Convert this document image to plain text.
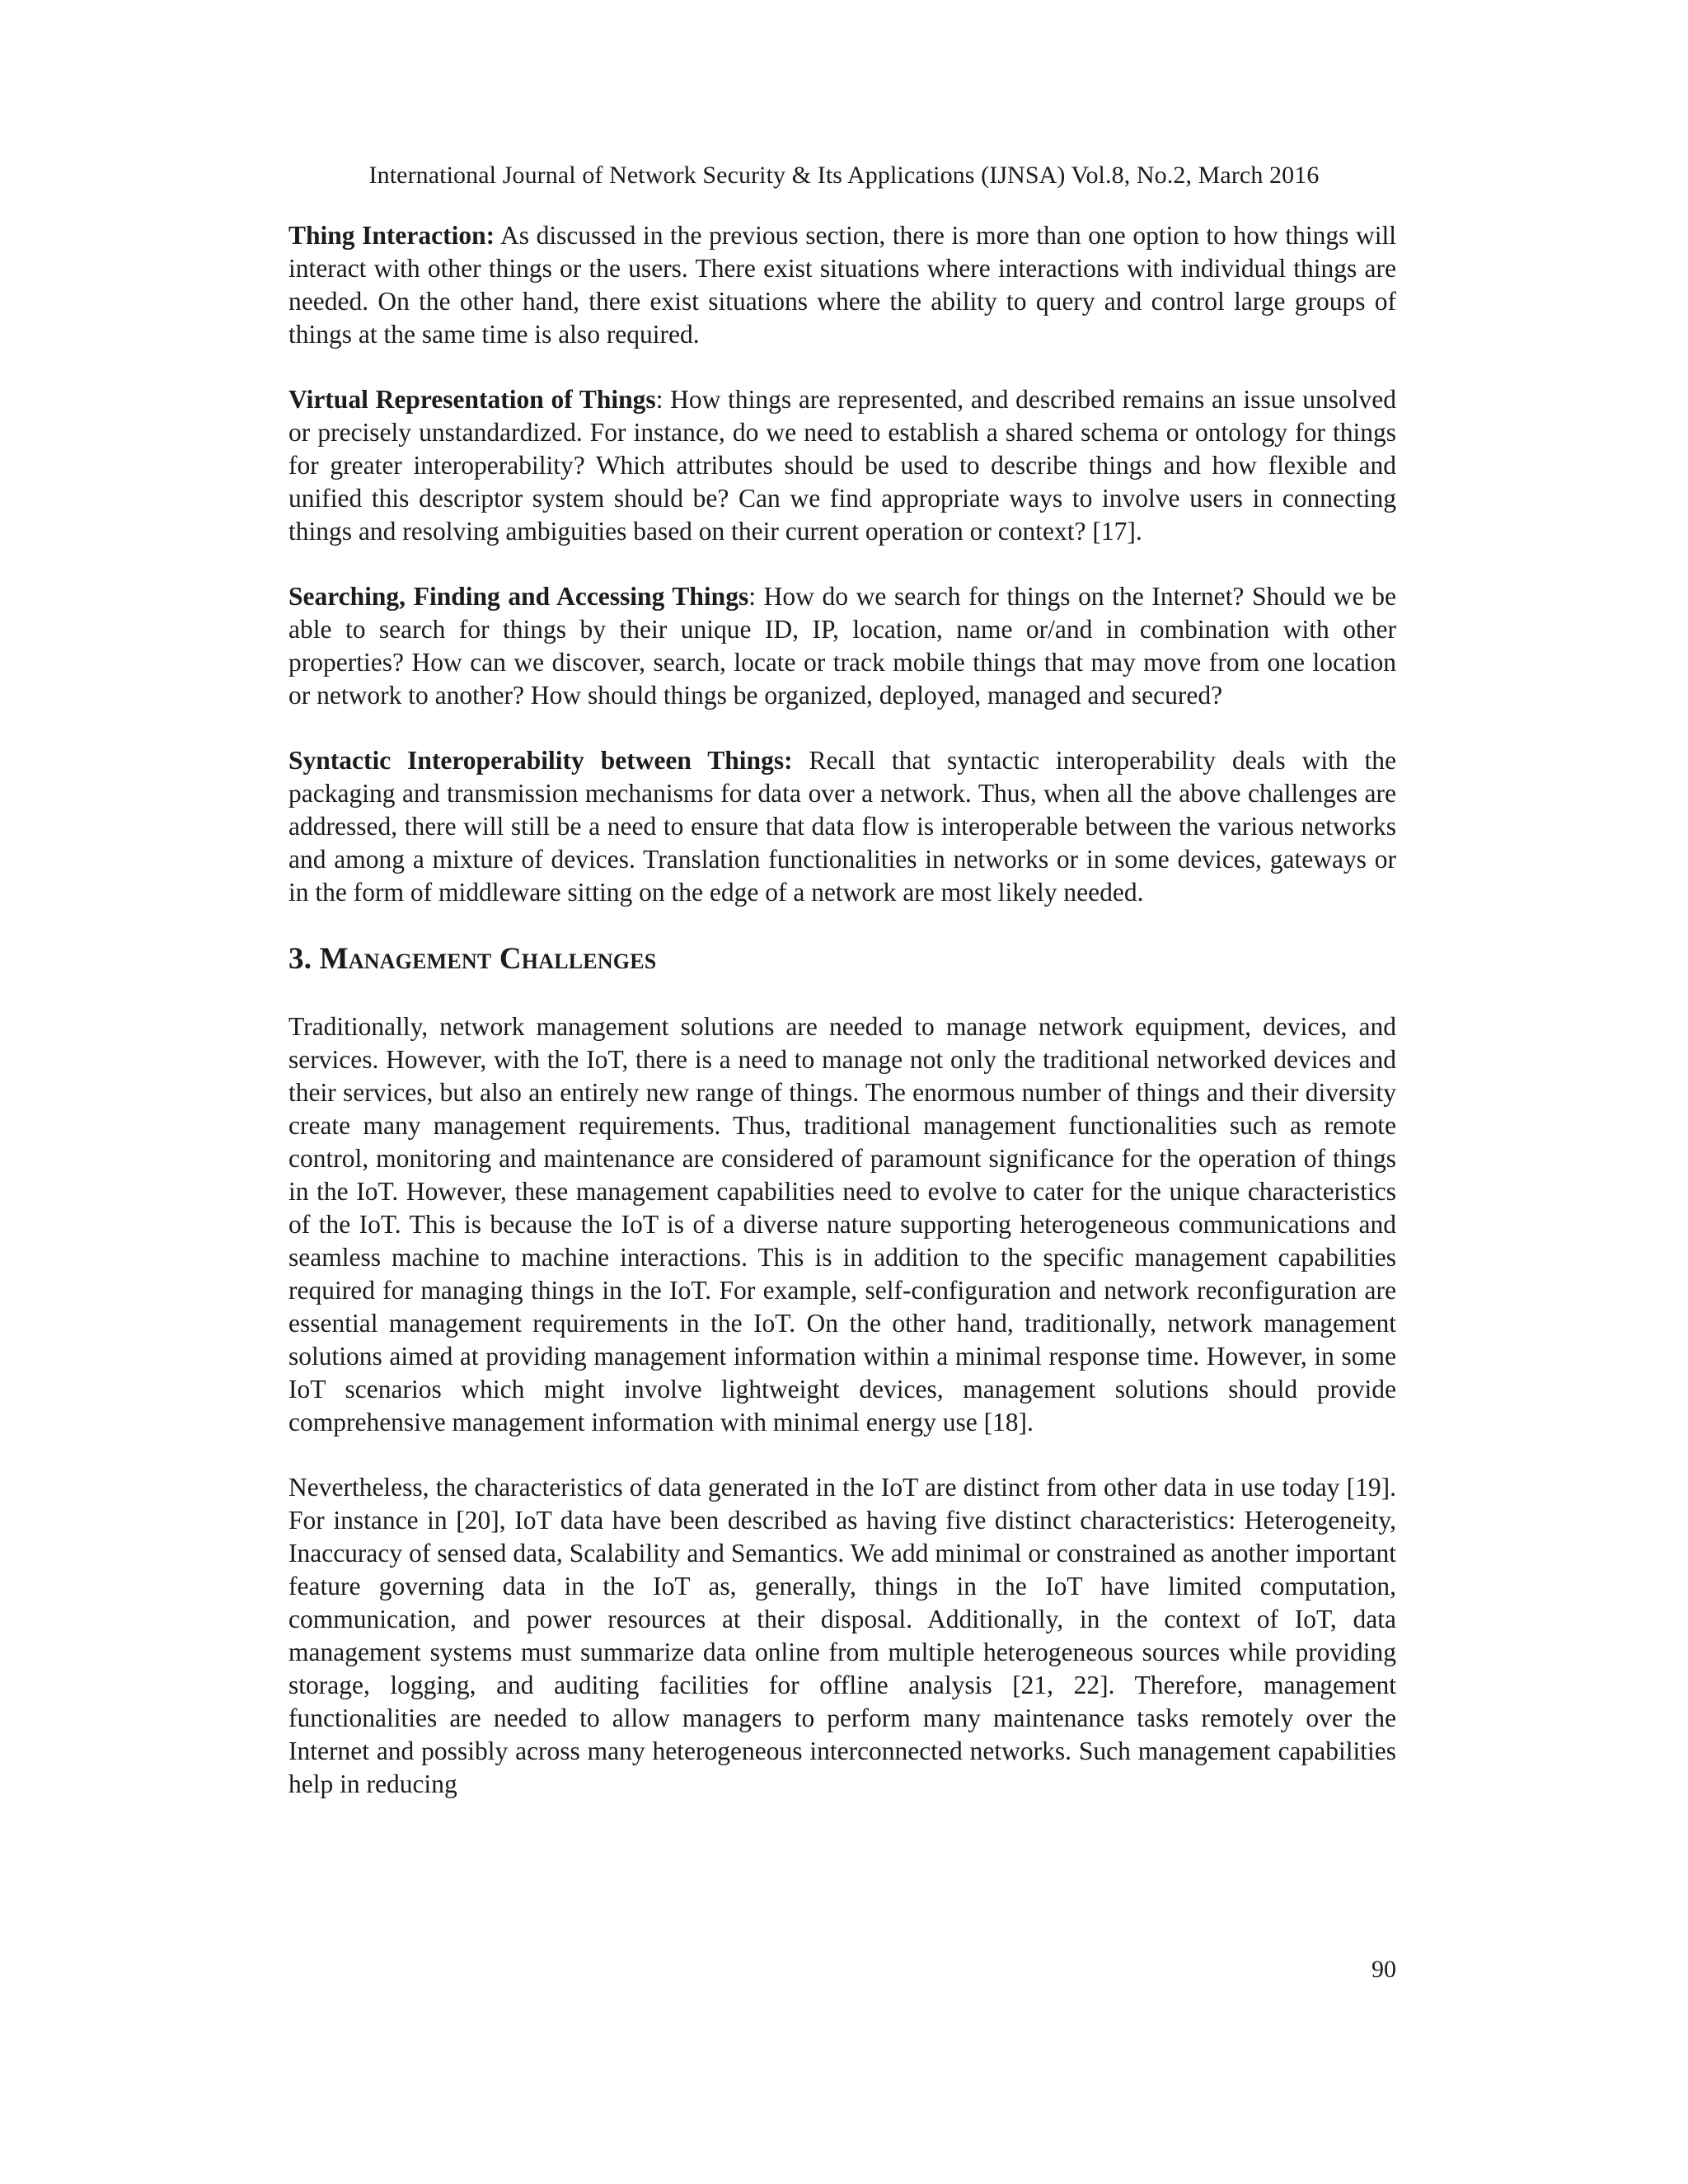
International Journal of Network Security & Its Applications (IJNSA) Vol.8, No.2, March 2016

Thing Interaction: As discussed in the previous section, there is more than one option to how things will interact with other things or the users. There exist situations where interactions with individual things are needed. On the other hand, there exist situations where the ability to query and control large groups of things at the same time is also required.

Virtual Representation of Things: How things are represented, and described remains an issue unsolved or precisely unstandardized. For instance, do we need to establish a shared schema or ontology for things for greater interoperability? Which attributes should be used to describe things and how flexible and unified this descriptor system should be? Can we find appropriate ways to involve users in connecting things and resolving ambiguities based on their current operation or context? [17].

Searching, Finding and Accessing Things: How do we search for things on the Internet? Should we be able to search for things by their unique ID, IP, location, name or/and in combination with other properties? How can we discover, search, locate or track mobile things that may move from one location or network to another? How should things be organized, deployed, managed and secured?

Syntactic Interoperability between Things: Recall that syntactic interoperability deals with the packaging and transmission mechanisms for data over a network. Thus, when all the above challenges are addressed, there will still be a need to ensure that data flow is interoperable between the various networks and among a mixture of devices. Translation functionalities in networks or in some devices, gateways or in the form of middleware sitting on the edge of a network are most likely needed.

3. Management Challenges

Traditionally, network management solutions are needed to manage network equipment, devices, and services. However, with the IoT, there is a need to manage not only the traditional networked devices and their services, but also an entirely new range of things. The enormous number of things and their diversity create many management requirements. Thus, traditional management functionalities such as remote control, monitoring and maintenance are considered of paramount significance for the operation of things in the IoT. However, these management capabilities need to evolve to cater for the unique characteristics of the IoT. This is because the IoT is of a diverse nature supporting heterogeneous communications and seamless machine to machine interactions. This is in addition to the specific management capabilities required for managing things in the IoT. For example, self-configuration and network reconfiguration are essential management requirements in the IoT. On the other hand, traditionally, network management solutions aimed at providing management information within a minimal response time. However, in some IoT scenarios which might involve lightweight devices, management solutions should provide comprehensive management information with minimal energy use [18].

Nevertheless, the characteristics of data generated in the IoT are distinct from other data in use today [19]. For instance in [20], IoT data have been described as having five distinct characteristics: Heterogeneity, Inaccuracy of sensed data, Scalability and Semantics. We add minimal or constrained as another important feature governing data in the IoT as, generally, things in the IoT have limited computation, communication, and power resources at their disposal. Additionally, in the context of IoT, data management systems must summarize data online from multiple heterogeneous sources while providing storage, logging, and auditing facilities for offline analysis [21, 22]. Therefore, management functionalities are needed to allow managers to perform many maintenance tasks remotely over the Internet and possibly across many heterogeneous interconnected networks. Such management capabilities help in reducing

90
